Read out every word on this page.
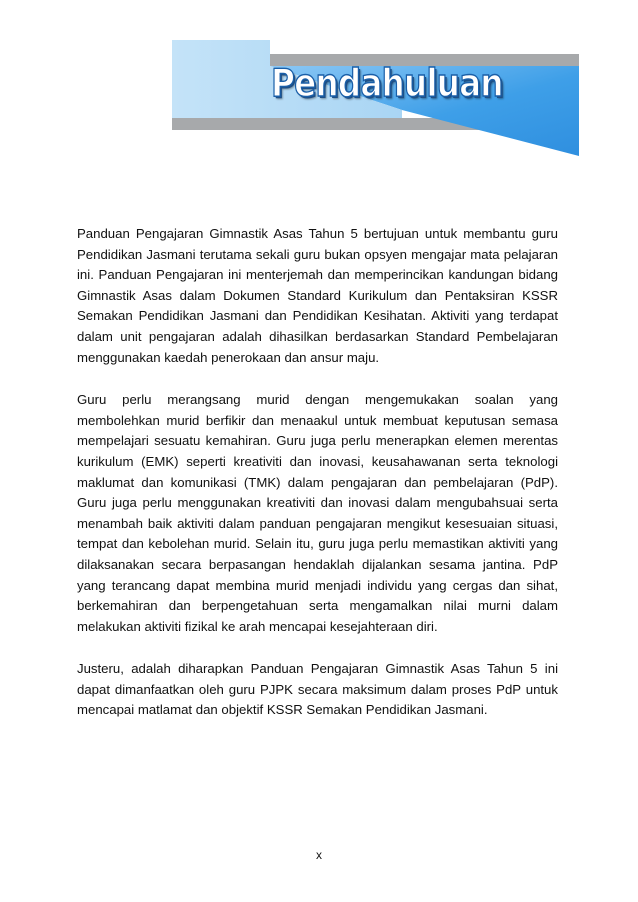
Pendahuluan

Panduan Pengajaran Gimnastik Asas Tahun 5 bertujuan untuk membantu guru Pendidikan Jasmani terutama sekali guru bukan opsyen mengajar mata pelajaran ini. Panduan Pengajaran ini menterjemah dan memperincikan kandungan bidang Gimnastik Asas dalam Dokumen Standard Kurikulum dan Pentaksiran KSSR Semakan Pendidikan Jasmani dan Pendidikan Kesihatan. Aktiviti yang terdapat dalam unit pengajaran adalah dihasilkan berdasarkan Standard Pembelajaran menggunakan kaedah penerokaan dan ansur maju.

Guru perlu merangsang murid dengan mengemukakan soalan yang membolehkan murid berfikir dan menaakul untuk membuat keputusan semasa mempelajari sesuatu kemahiran. Guru juga perlu menerapkan elemen merentas kurikulum (EMK) seperti kreativiti dan inovasi, keusahawanan serta teknologi maklumat dan komunikasi (TMK) dalam pengajaran dan pembelajaran (PdP). Guru juga perlu menggunakan kreativiti dan inovasi dalam mengubahsuai serta menambah baik aktiviti dalam panduan pengajaran mengikut kesesuaian situasi, tempat dan kebolehan murid. Selain itu, guru juga perlu memastikan aktiviti yang dilaksanakan secara berpasangan hendaklah dijalankan sesama jantina. PdP yang terancang dapat membina murid menjadi individu yang cergas dan sihat, berkemahiran dan berpengetahuan serta mengamalkan nilai murni dalam melakukan aktiviti fizikal ke arah mencapai kesejahteraan diri.

Justeru, adalah diharapkan Panduan Pengajaran Gimnastik Asas Tahun 5 ini dapat dimanfaatkan oleh guru PJPK secara maksimum dalam proses PdP untuk mencapai matlamat dan objektif KSSR Semakan Pendidikan Jasmani.

x
